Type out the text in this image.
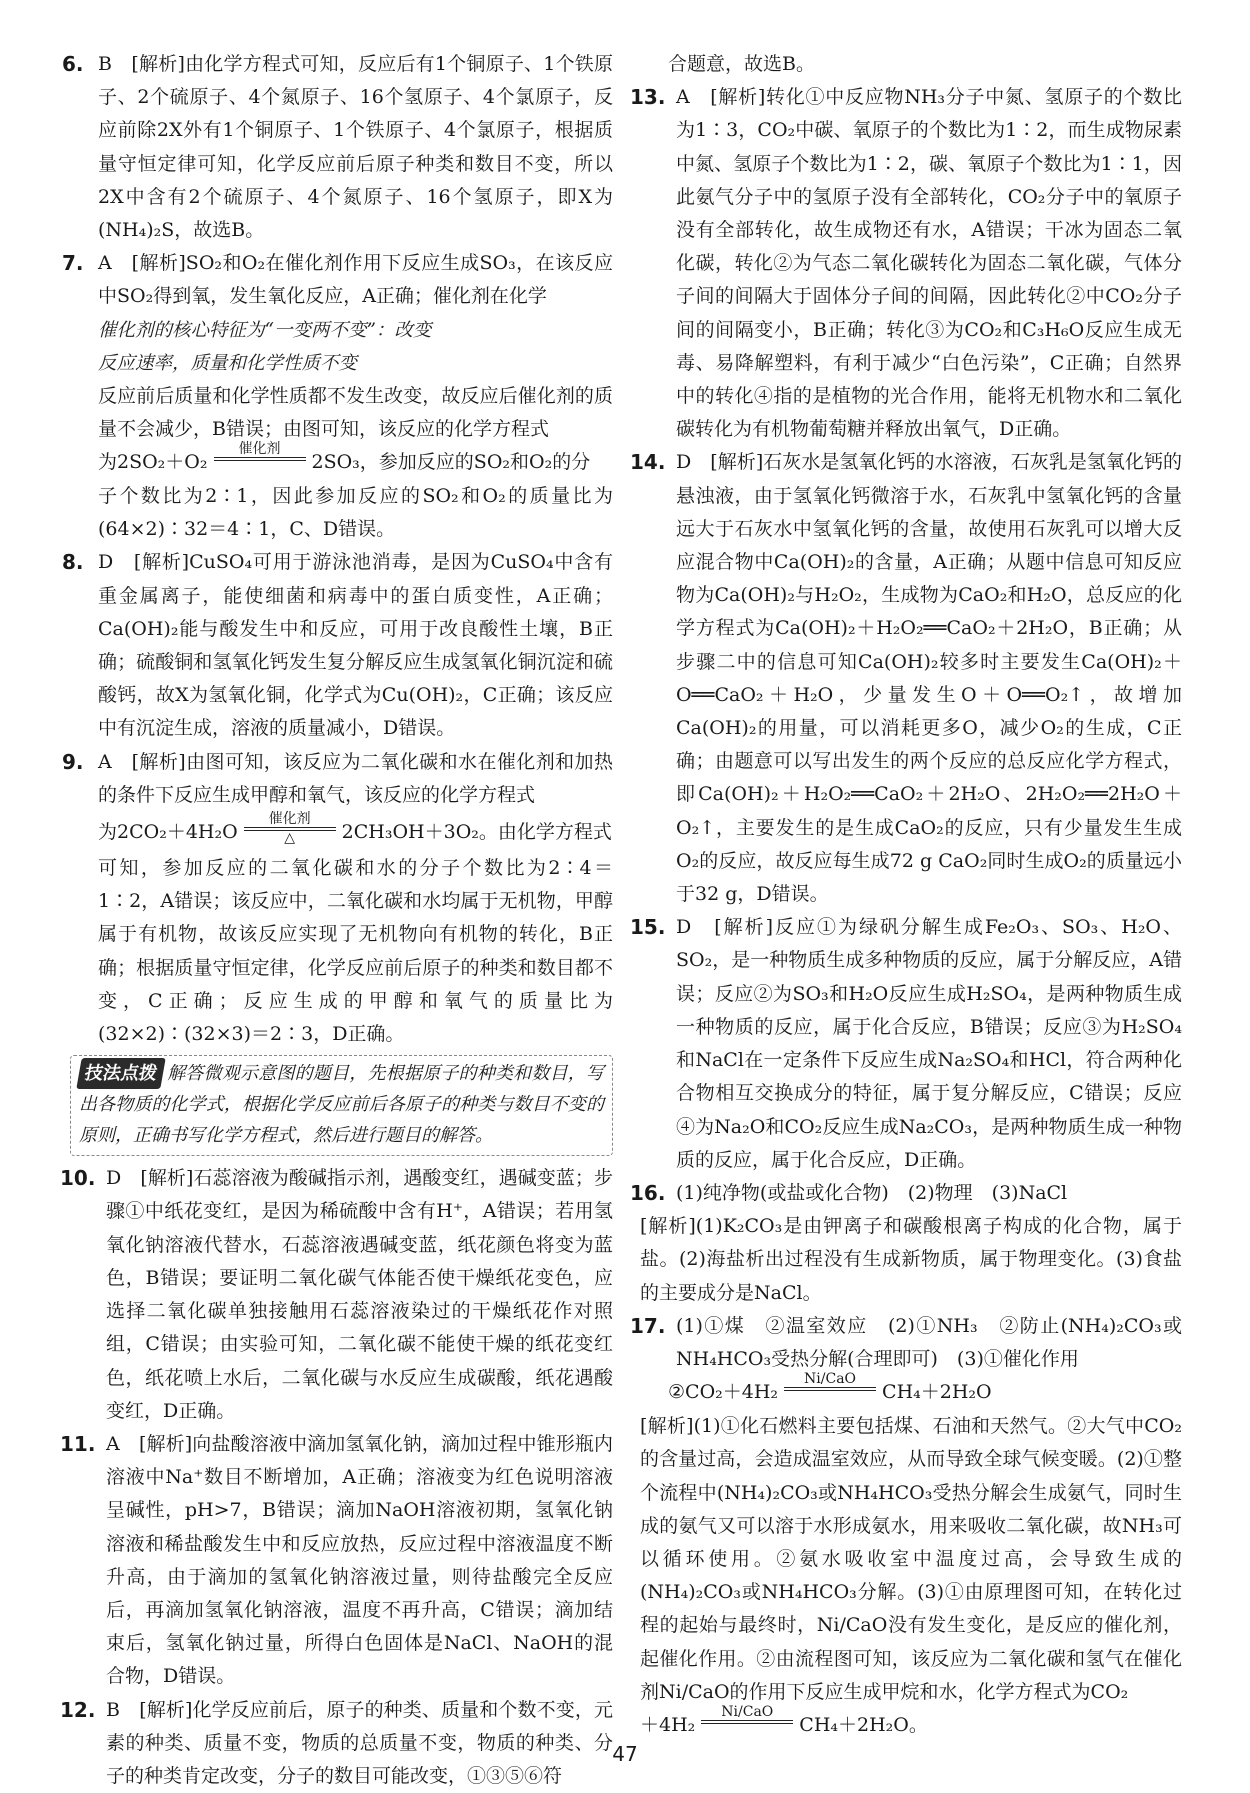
6. B　[解析]由化学方程式可知，反应后有1个铜原子、1个铁原子、2个硫原子、4个氮原子、16个氢原子、4个氯原子，反应前除2X外有1个铜原子、1个铁原子、4个氯原子，根据质量守恒定律可知，化学反应前后原子种类和数目不变，所以2X中含有2个硫原子、4个氮原子、16个氢原子，即X为(NH₄)₂S，故选B。

7. A　[解析]SO₂和O₂在催化剂作用下反应生成SO₃，在该反应中SO₂得到氧，发生氧化反应，A正确；催化剂在化学

催化剂的核心特征为“一变两不变”：改变

反应速率，质量和化学性质不变

反应前后质量和化学性质都不发生改变，故反应后催化剂的质量不会减少，B错误；由图可知，该反应的化学方程式

为2SO₂＋O₂
催化剂

2SO₃，参加反应的SO₂和O₂的分

子个数比为2∶1，因此参加反应的SO₂和O₂的质量比为(64×2)∶32＝4∶1，C、D错误。

8. D　[解析]CuSO₄可用于游泳池消毒，是因为CuSO₄中含有重金属离子，能使细菌和病毒中的蛋白质变性，A正确；Ca(OH)₂能与酸发生中和反应，可用于改良酸性土壤，B正确；硫酸铜和氢氧化钙发生复分解反应生成氢氧化铜沉淀和硫酸钙，故X为氢氧化铜，化学式为Cu(OH)₂，C正确；该反应中有沉淀生成，溶液的质量减小，D错误。

9. A　[解析]由图可知，该反应为二氧化碳和水在催化剂和加热的条件下反应生成甲醇和氧气，该反应的化学方程式

为2CO₂＋4H₂O
催化剂
△	2CH₃OH＋3O₂。由化学方程式

可知，参加反应的二氧化碳和水的分子个数比为2∶4＝1∶2，A错误；该反应中，二氧化碳和水均属于无机物，甲醇属于有机物，故该反应实现了无机物向有机物的转化，B正确；根据质量守恒定律，化学反应前后原子的种类和数目都不变，C正确；反应生成的甲醇和氧气的质量比为(32×2)∶(32×3)＝2∶3，D正确。

技法点拨 解答微观示意图的题目，先根据原子的种类和数目，写出各物质的化学式，根据化学反应前后各原子的种类与数目不变的原则，正确书写化学方程式，然后进行题目的解答。

10. D　[解析]石蕊溶液为酸碱指示剂，遇酸变红，遇碱变蓝；步骤①中纸花变红，是因为稀硫酸中含有H⁺，A错误；若用氢氧化钠溶液代替水，石蕊溶液遇碱变蓝，纸花颜色将变为蓝色，B错误；要证明二氧化碳气体能否使干燥纸花变色，应选择二氧化碳单独接触用石蕊溶液染过的干燥纸花作对照组，C错误；由实验可知，二氧化碳不能使干燥的纸花变红色，纸花喷上水后，二氧化碳与水反应生成碳酸，纸花遇酸变红，D正确。

11. A　[解析]向盐酸溶液中滴加氢氧化钠，滴加过程中锥形瓶内溶液中Na⁺数目不断增加，A正确；溶液变为红色说明溶液呈碱性，pH>7，B错误；滴加NaOH溶液初期，氢氧化钠溶液和稀盐酸发生中和反应放热，反应过程中溶液温度不断升高，由于滴加的氢氧化钠溶液过量，则待盐酸完全反应后，再滴加氢氧化钠溶液，温度不再升高，C错误；滴加结束后，氢氧化钠过量，所得白色固体是NaCl、NaOH的混合物，D错误。

12. B　[解析]化学反应前后，原子的种类、质量和个数不变，元素的种类、质量不变，物质的总质量不变，物质的种类、分子的种类肯定改变，分子的数目可能改变，①③⑤⑥符

合题意，故选B。

13. A　[解析]转化①中反应物NH₃分子中氮、氢原子的个数比为1∶3，CO₂中碳、氧原子的个数比为1∶2，而生成物尿素中氮、氢原子个数比为1∶2，碳、氧原子个数比为1∶1，因此氨气分子中的氢原子没有全部转化，CO₂分子中的氧原子没有全部转化，故生成物还有水，A错误；干冰为固态二氧化碳，转化②为气态二氧化碳转化为固态二氧化碳，气体分子间的间隔大于固体分子间的间隔，因此转化②中CO₂分子间的间隔变小，B正确；转化③为CO₂和C₃H₆O反应生成无毒、易降解塑料，有利于减少“白色污染”，C正确；自然界中的转化④指的是植物的光合作用，能将无机物水和二氧化碳转化为有机物葡萄糖并释放出氧气，D正确。

14. D　[解析]石灰水是氢氧化钙的水溶液，石灰乳是氢氧化钙的悬浊液，由于氢氧化钙微溶于水，石灰乳中氢氧化钙的含量远大于石灰水中氢氧化钙的含量，故使用石灰乳可以增大反应混合物中Ca(OH)₂的含量，A正确；从题中信息可知反应物为Ca(OH)₂与H₂O₂，生成物为CaO₂和H₂O，总反应的化学方程式为Ca(OH)₂＋H₂O₂══CaO₂＋2H₂O，B正确；从步骤二中的信息可知Ca(OH)₂较多时主要发生Ca(OH)₂＋O══CaO₂＋H₂O，少量发生O＋O══O₂↑，故增加Ca(OH)₂的用量，可以消耗更多O，减少O₂的生成，C正确；由题意可以写出发生的两个反应的总反应化学方程式，即Ca(OH)₂＋H₂O₂══CaO₂＋2H₂O、2H₂O₂══2H₂O＋O₂↑，主要发生的是生成CaO₂的反应，只有少量发生生成O₂的反应，故反应每生成72 g CaO₂同时生成O₂的质量远小于32 g，D错误。

15. D　[解析]反应①为绿矾分解生成Fe₂O₃、SO₃、H₂O、SO₂，是一种物质生成多种物质的反应，属于分解反应，A错误；反应②为SO₃和H₂O反应生成H₂SO₄，是两种物质生成一种物质的反应，属于化合反应，B错误；反应③为H₂SO₄和NaCl在一定条件下反应生成Na₂SO₄和HCl，符合两种化合物相互交换成分的特征，属于复分解反应，C错误；反应④为Na₂O和CO₂反应生成Na₂CO₃，是两种物质生成一种物质的反应，属于化合反应，D正确。

16. (1)纯净物(或盐或化合物)　(2)物理　(3)NaCl

[解析](1)K₂CO₃是由钾离子和碳酸根离子构成的化合物，属于盐。(2)海盐析出过程没有生成新物质，属于物理变化。(3)食盐的主要成分是NaCl。

17. (1)①煤　②温室效应　(2)①NH₃　②防止(NH₄)₂CO₃或NH₄HCO₃受热分解(合理即可)　(3)①催化作用

②CO₂＋4H₂
Ni/CaO

CH₄＋2H₂O

[解析](1)①化石燃料主要包括煤、石油和天然气。②大气中CO₂的含量过高，会造成温室效应，从而导致全球气候变暖。(2)①整个流程中(NH₄)₂CO₃或NH₄HCO₃受热分解会生成氨气，同时生成的氨气又可以溶于水形成氨水，用来吸收二氧化碳，故NH₃可以循环使用。②氨水吸收室中温度过高，会导致生成的(NH₄)₂CO₃或NH₄HCO₃分解。(3)①由原理图可知，在转化过程的起始与最终时，Ni/CaO没有发生变化，是反应的催化剂，起催化作用。②由流程图可知，该反应为二氧化碳和氢气在催化剂Ni/CaO的作用下反应生成甲烷和水，化学方程式为CO₂

＋4H₂
Ni/CaO

CH₄＋2H₂O。

47
